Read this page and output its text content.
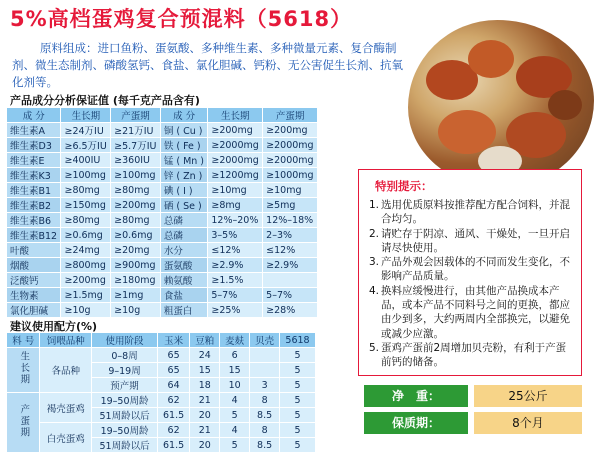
5%高档蛋鸡复合预混料（5618）
原料组成：进口鱼粉、蛋氨酸、多种维生素、多种微量元素、复合酶制剂、微生态制剂、磷酸氢钙、食盐、氯化胆碱、钙粉、无公害促生长剂、抗氧化剂等。
产品成分分析保证值 (每千克产品含有)
成 分	生长期	产蛋期	成 分	生长期	产蛋期
维生素A	≥24万IU	≥21万IU	铜 ( Cu )	≥200mg	≥200mg
维生素D3	≥6.5万IU	≥5.7万IU	铁 ( Fe )	≥2000mg	≥2000mg
维生素E	≥400IU	≥360IU	锰 ( Mn )	≥2000mg	≥2000mg
维生素K3	≥100mg	≥100mg	锌 ( Zn )	≥1200mg	≥1000mg
维生素B1	≥80mg	≥80mg	碘 ( I )	≥10mg	≥10mg
维生素B2	≥150mg	≥200mg	硒 ( Se )	≥8mg	≥5mg
维生素B6	≥80mg	≥80mg	总磷	12%–20%	12%–18%
维生素B12	≥0.6mg	≥0.6mg	总磷	3–5%	2–3%
叶酸	≥24mg	≥20mg	水分	≤12%	≤12%
烟酸	≥800mg	≥900mg	蛋氨酸	≥2.9%	≥2.9%
泛酸钙	≥200mg	≥180mg	赖氨酸	≥1.5%	
生物素	≥1.5mg	≥1mg	食盐	5–7%	5–7%
氯化胆碱	≥10g	≥10g	粗蛋白	≥25%	≥28%
建议使用配方(%)
料 号	饲喂品种	使用阶段	玉米	豆粕	麦麸	贝壳	5618
生长期	各品种	0–8周	65	24	6		5
		9–19周	65	15	15		5
		预产期	64	18	10	3	5
产蛋期	褐壳蛋鸡	19–50周龄	62	21	4	8	5
		51周龄以后	61.5	20	5	8.5	5
	白壳蛋鸡	19–50周龄	62	21	4	8	5
		51周龄以后	61.5	20	5	8.5	5
特别提示：
1. 选用优质原料按推荐配方配合饲料，并混合均匀。
2. 请贮存于阴凉、通风、干燥处，一旦开启请尽快使用。
3. 产品外观会因载体的不同而发生变化，不影响产品质量。
4. 换料应缓慢进行，由其他产品换成本产品，或本产品不同料号之间的更换，都应由少到多，大约两周内全部换完，以避免或减少应激。
5. 蛋鸡产蛋前2周增加贝壳粉，有利于产蛋前钙的储备。
净　重：	25公斤
保质期：	8个月
